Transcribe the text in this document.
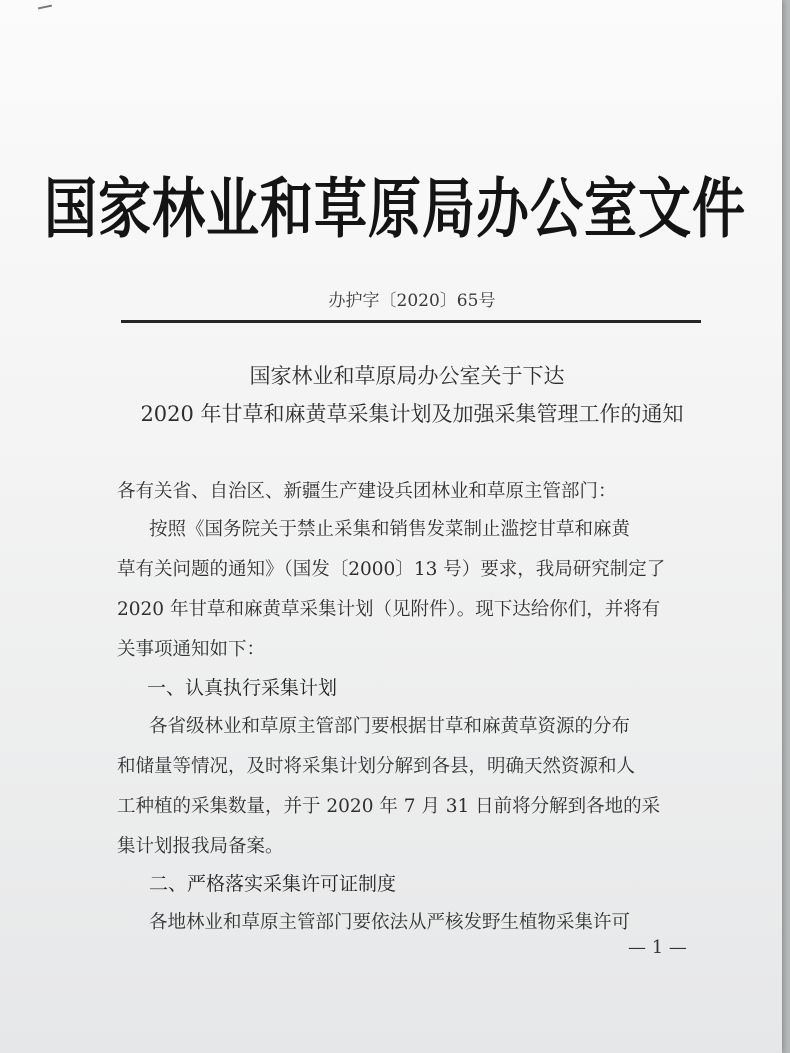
国家林业和草原局办公室文件
办护字〔2020〕65号
国家林业和草原局办公室关于下达
2020 年甘草和麻黄草采集计划及加强采集管理工作的通知
各有关省、自治区、新疆生产建设兵团林业和草原主管部门：
按照《国务院关于禁止采集和销售发菜制止滥挖甘草和麻黄
草有关问题的通知》（国发〔2000〕13 号）要求，我局研究制定了
2020 年甘草和麻黄草采集计划（见附件）。现下达给你们，并将有
关事项通知如下：
一、认真执行采集计划
各省级林业和草原主管部门要根据甘草和麻黄草资源的分布
和储量等情况，及时将采集计划分解到各县，明确天然资源和人
工种植的采集数量，并于 2020 年 7 月 31 日前将分解到各地的采
集计划报我局备案。
二、严格落实采集许可证制度
各地林业和草原主管部门要依法从严核发野生植物采集许可
— 1 —
